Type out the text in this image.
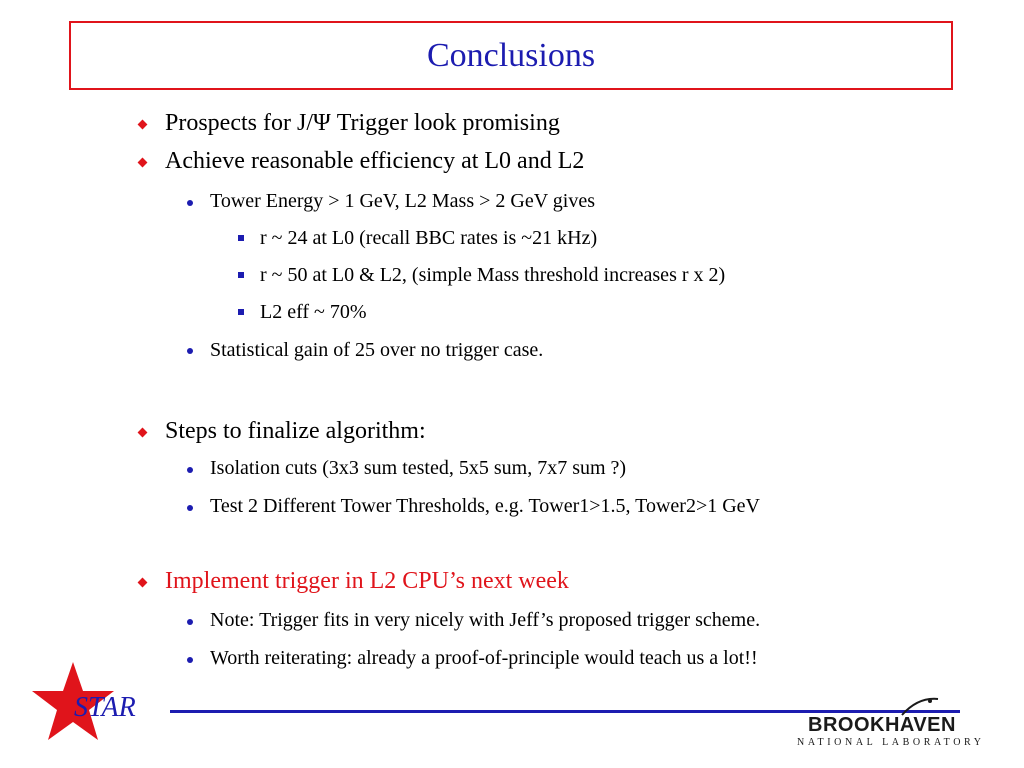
Conclusions
Prospects for J/Ψ Trigger look promising
Achieve reasonable efficiency at L0 and L2
Tower Energy > 1 GeV, L2 Mass > 2 GeV gives
r ~ 24 at L0 (recall BBC rates is ~21 kHz)
r ~ 50 at L0 & L2, (simple Mass threshold increases r x 2)
L2 eff ~ 70%
Statistical gain of 25 over no trigger case.
Steps to finalize algorithm:
Isolation cuts (3x3 sum tested, 5x5 sum, 7x7 sum ?)
Test 2 Different Tower Thresholds, e.g. Tower1>1.5, Tower2>1 GeV
Implement trigger in L2 CPU’s next week
Note: Trigger fits in very nicely with Jeff’s proposed trigger scheme.
Worth reiterating: already a proof-of-principle would teach us a lot!!
STAR
BROOKHAVEN
NATIONAL LABORATORY
